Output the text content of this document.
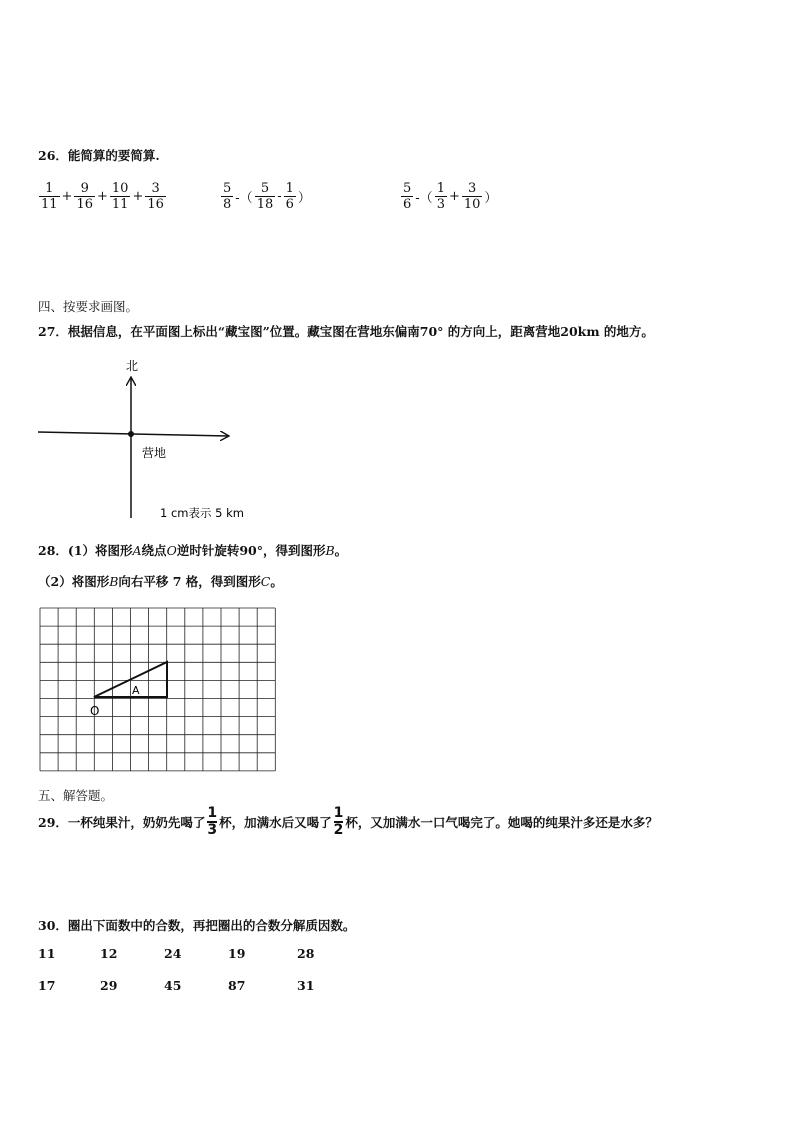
26．能简算的要简算.
$\frac{1}{11} + \frac{9}{16} + \frac{10}{11} + \frac{3}{16}$	$\frac{5}{8}$ -（ $\frac{5}{18} - \frac{1}{6}$ ）	$\frac{5}{6}$ -（ $\frac{1}{3} + \frac{3}{10}$ ）
四、按要求画图。
27．根据信息，在平面图上标出“藏宝图”位置。藏宝图在营地东偏南70° 的方向上，距离营地20km 的地方。
北
营地
1 cm表示 5 km
28．(1）将图形A绕点O逆时针旋转90°，得到图形B。
（2）将图形B向右平移 7 格，得到图形C。
A
O
五、解答题。
29．一杯纯果汁，奶奶先喝了
1
3 杯，加满水后又喝了
1
2 杯，又加满水一口气喝完了。她喝的纯果汁多还是水多？
30．圈出下面数中的合数，再把圈出的合数分解质因数。
11	12	24	19	28
17	29	45	87	31
